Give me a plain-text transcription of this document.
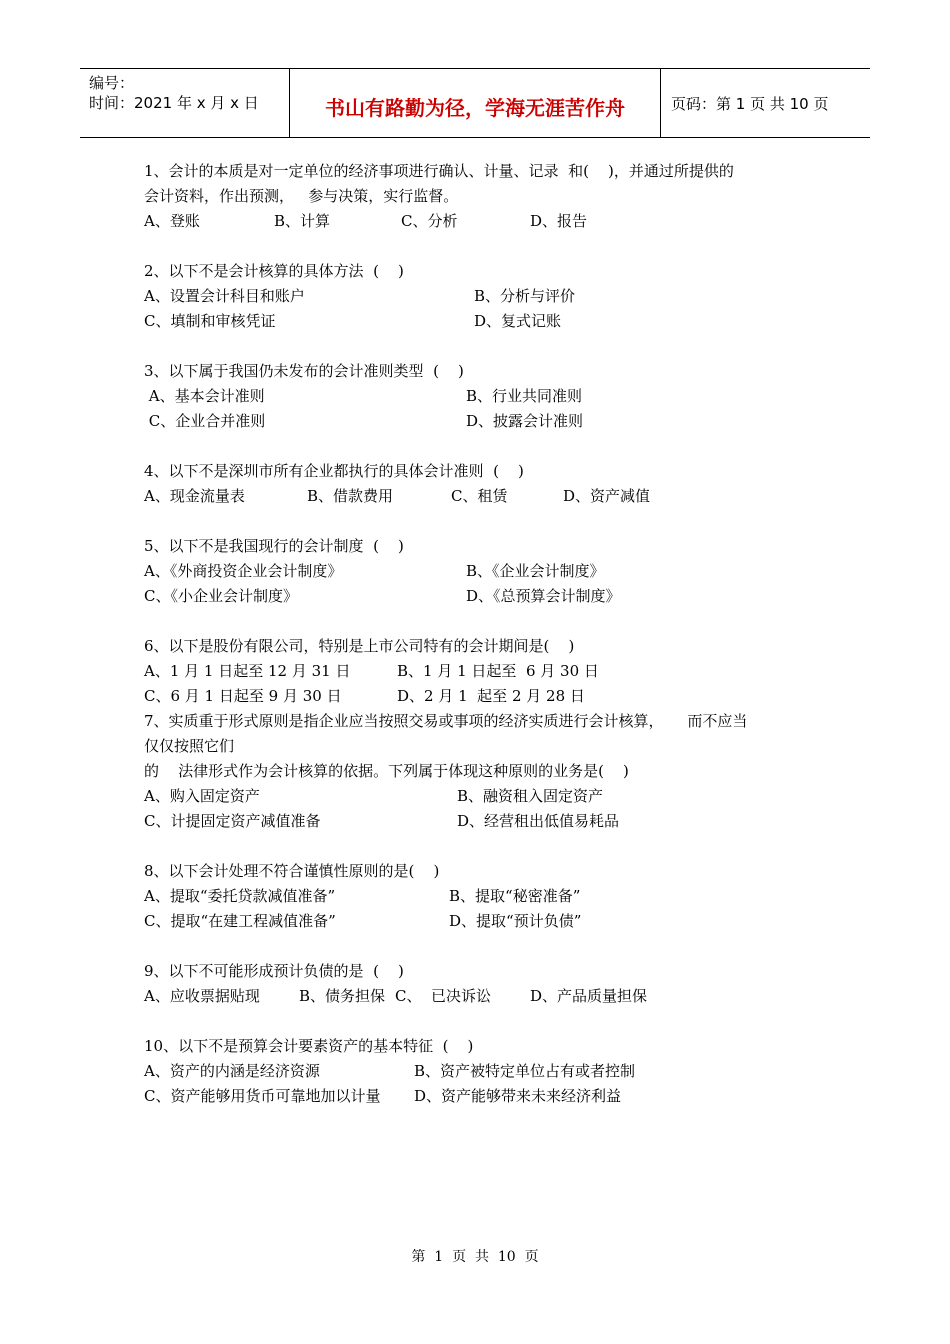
编号：
时间：2021 年 x 月 x 日	书山有路勤为径，学海无涯苦作舟	页码：第 1 页 共 10 页
1、会计的本质是对一定单位的经济事项进行确认、计量、记录  和(    )，并通过所提供的
会计资料，作出预测，   参与决策，实行监督。
A、登账	B、计算	C、分析	D、报告
2、以下不是会计核算的具体方法  (    )
A、设置会计科目和账户	B、分析与评价
C、填制和审核凭证	D、复式记账
3、以下属于我国仍未发布的会计准则类型  (    )
A、基本会计准则	B、行业共同准则
C、企业合并准则	D、披露会计准则
4、以下不是深圳市所有企业都执行的具体会计准则  (    )
A、现金流量表	B、借款费用	C、租赁	D、资产减值
5、以下不是我国现行的会计制度  (    )
A、《外商投资企业会计制度》	B、《企业会计制度》
C、《小企业会计制度》	D、《总预算会计制度》
6、以下是股份有限公司，特别是上市公司特有的会计期间是(    )
A、1 月 1 日起至 12 月 31 日	B、1 月 1 日起至  6 月 30 日
C、6 月 1 日起至 9 月 30 日	D、2 月 1  起至 2 月 28 日
7、实质重于形式原则是指企业应当按照交易或事项的经济实质进行会计核算，     而不应当
仅仅按照它们
的    法律形式作为会计核算的依据。下列属于体现这种原则的业务是(    )
A、购入固定资产	B、融资租入固定资产
C、计提固定资产减值准备	D、经营租出低值易耗品
8、以下会计处理不符合谨慎性原则的是(    )
A、提取“委托贷款减值准备”	B、提取“秘密准备”
C、提取“在建工程减值准备”	D、提取“预计负债”
9、以下不可能形成预计负债的是  (    )
A、应收票据贴现	B、债务担保 C、  已决诉讼	D、产品质量担保
10、以下不是预算会计要素资产的基本特征  (    )
A、资产的内涵是经济资源	B、资产被特定单位占有或者控制
C、资产能够用货币可靠地加以计量	D、资产能够带来未来经济利益
第  1  页  共  10  页
